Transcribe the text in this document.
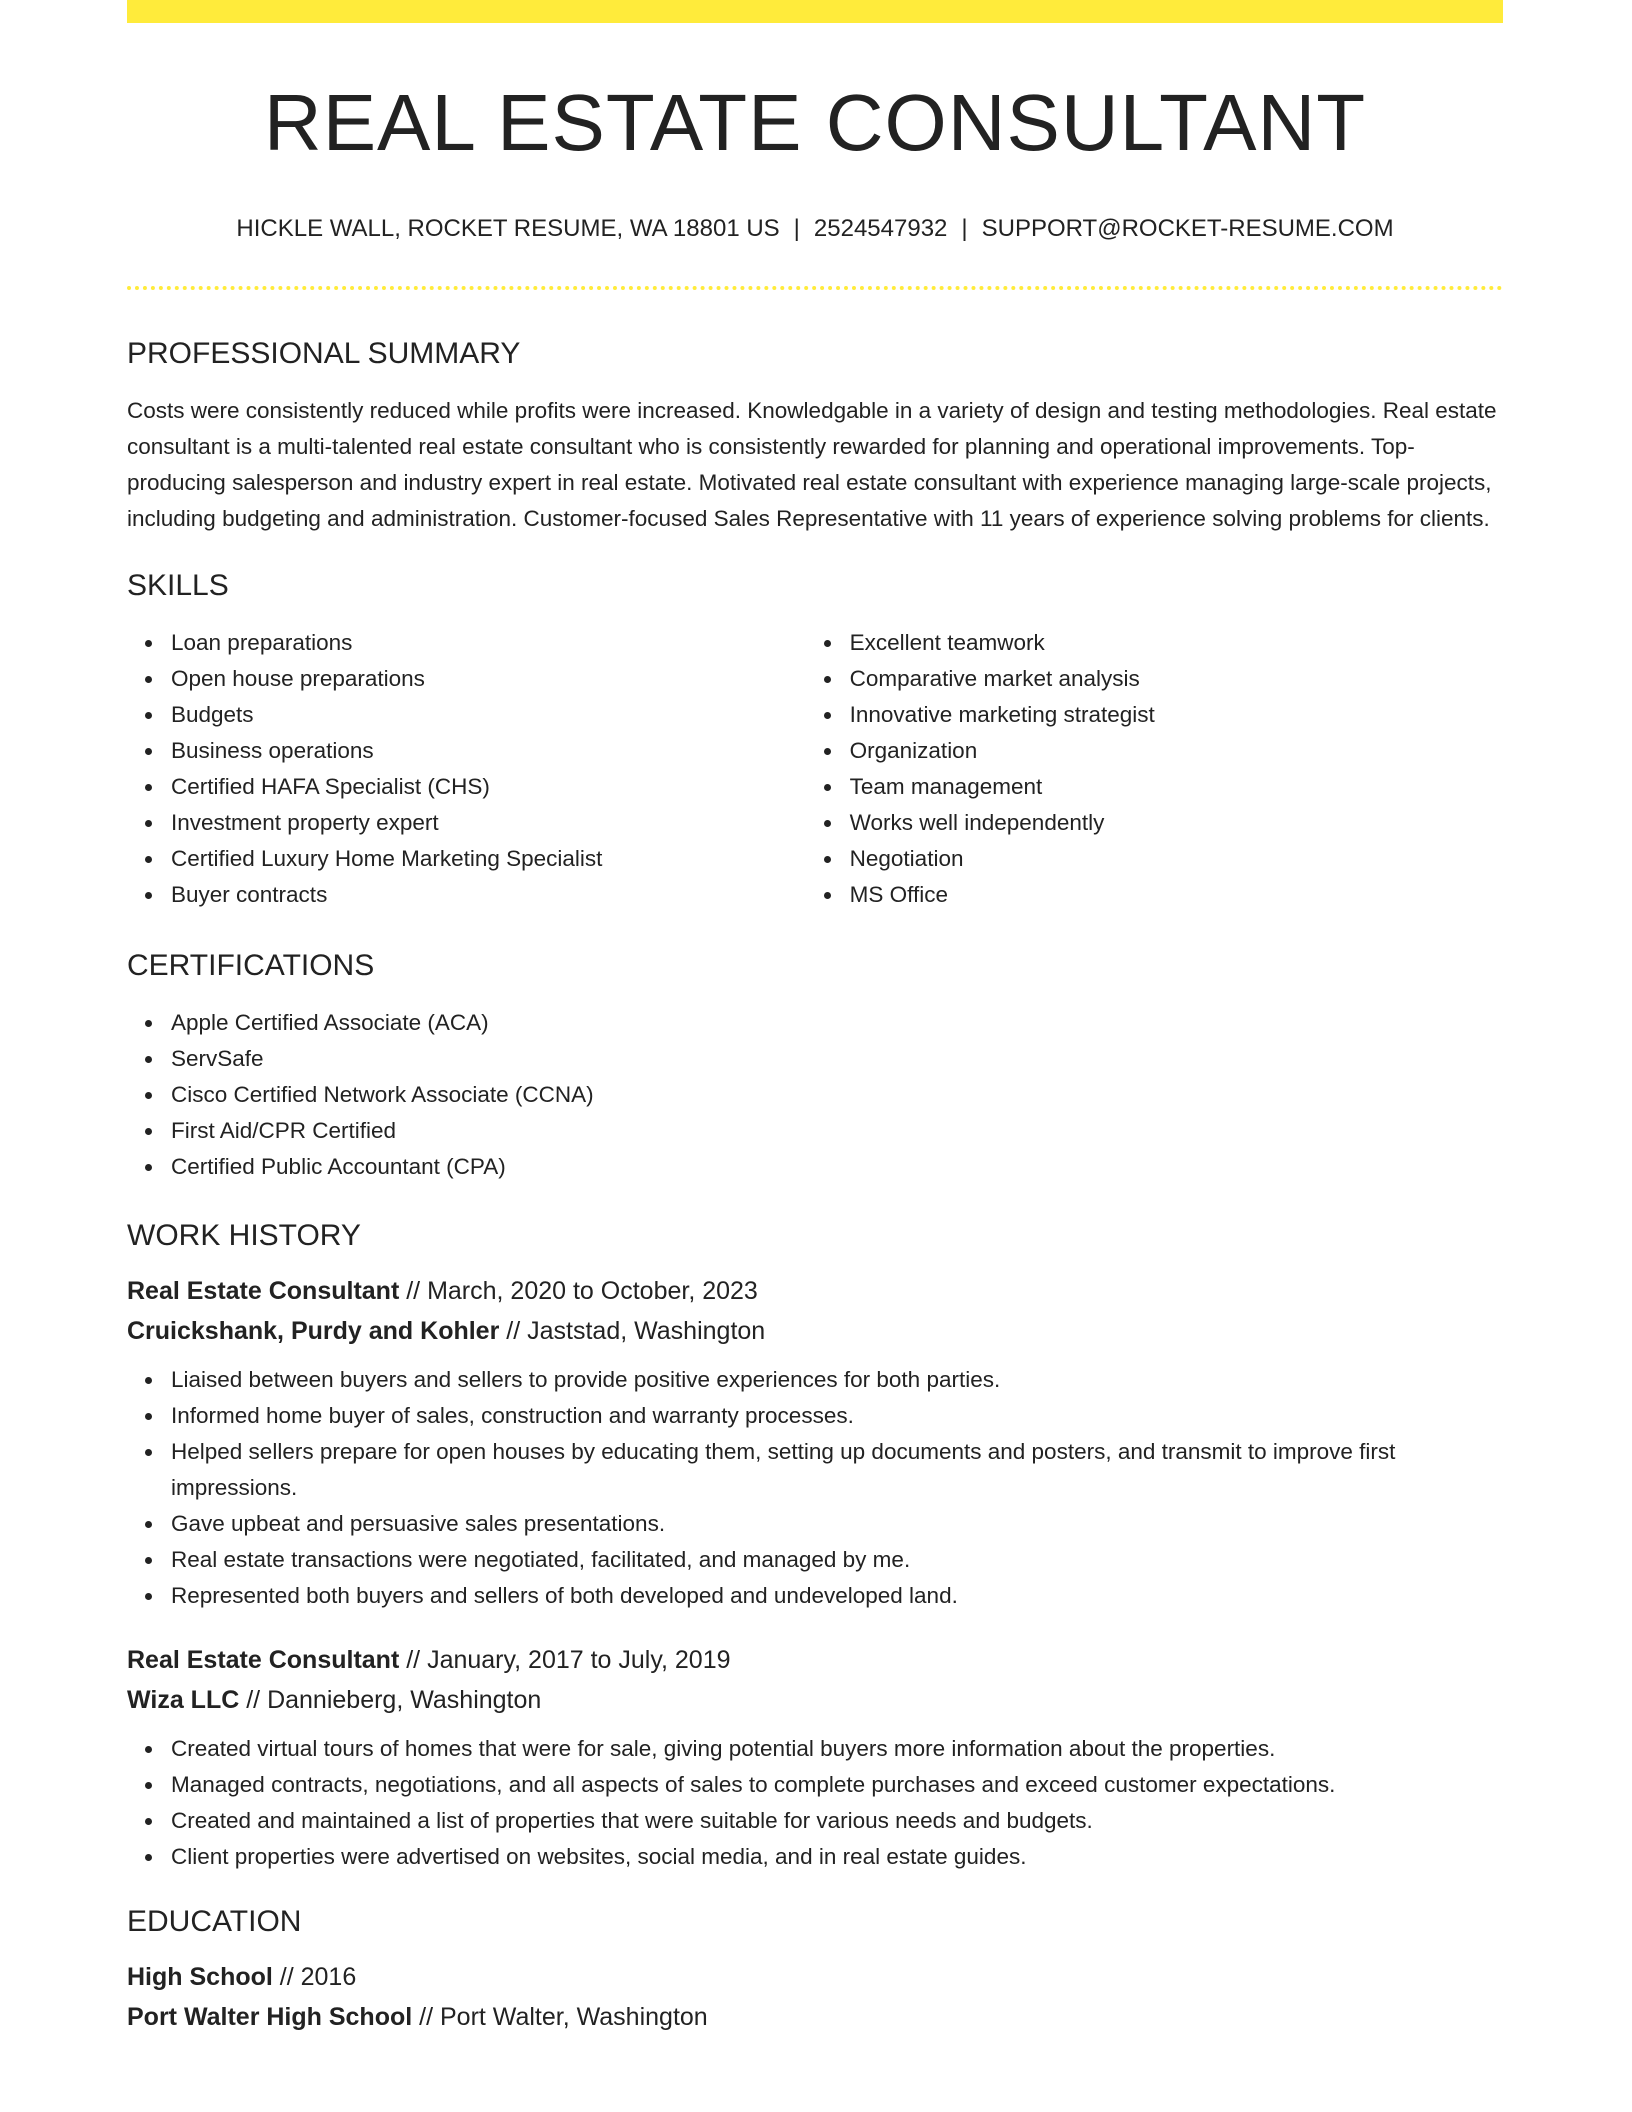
REAL ESTATE CONSULTANT
HICKLE WALL, ROCKET RESUME, WA 18801 US | 2524547932 | SUPPORT@ROCKET-RESUME.COM
PROFESSIONAL SUMMARY
Costs were consistently reduced while profits were increased. Knowledgable in a variety of design and testing methodologies. Real estate consultant is a multi-talented real estate consultant who is consistently rewarded for planning and operational improvements. Top-producing salesperson and industry expert in real estate. Motivated real estate consultant with experience managing large-scale projects, including budgeting and administration. Customer-focused Sales Representative with 11 years of experience solving problems for clients.
SKILLS
Loan preparations
Open house preparations
Budgets
Business operations
Certified HAFA Specialist (CHS)
Investment property expert
Certified Luxury Home Marketing Specialist
Buyer contracts
Excellent teamwork
Comparative market analysis
Innovative marketing strategist
Organization
Team management
Works well independently
Negotiation
MS Office
CERTIFICATIONS
Apple Certified Associate (ACA)
ServSafe
Cisco Certified Network Associate (CCNA)
First Aid/CPR Certified
Certified Public Accountant (CPA)
WORK HISTORY
Real Estate Consultant // March, 2020 to October, 2023
Cruickshank, Purdy and Kohler // Jaststad, Washington
Liaised between buyers and sellers to provide positive experiences for both parties.
Informed home buyer of sales, construction and warranty processes.
Helped sellers prepare for open houses by educating them, setting up documents and posters, and transmit to improve first impressions.
Gave upbeat and persuasive sales presentations.
Real estate transactions were negotiated, facilitated, and managed by me.
Represented both buyers and sellers of both developed and undeveloped land.
Real Estate Consultant // January, 2017 to July, 2019
Wiza LLC // Dannieberg, Washington
Created virtual tours of homes that were for sale, giving potential buyers more information about the properties.
Managed contracts, negotiations, and all aspects of sales to complete purchases and exceed customer expectations.
Created and maintained a list of properties that were suitable for various needs and budgets.
Client properties were advertised on websites, social media, and in real estate guides.
EDUCATION
High School // 2016
Port Walter High School // Port Walter, Washington
